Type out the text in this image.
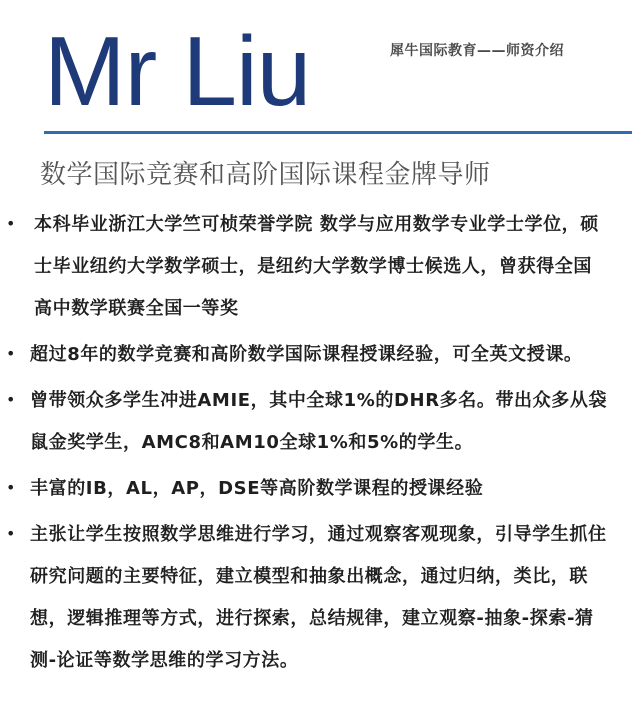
Mr Liu	犀牛国际教育——师资介绍
数学国际竞赛和高阶国际课程金牌导师
• 本科毕业浙江大学竺可桢荣誉学院 数学与应用数学专业学士学位，硕士毕业纽约大学数学硕士，是纽约大学数学博士候选人，曾获得全国高中数学联赛全国一等奖
• 超过8年的数学竞赛和高阶数学国际课程授课经验，可全英文授课。
• 曾带领众多学生冲进AMIE，其中全球1%的DHR多名。带出众多从袋鼠金奖学生，AMC8和AM10全球1%和5%的学生。
• 丰富的IB，AL，AP，DSE等高阶数学课程的授课经验
• 主张让学生按照数学思维进行学习，通过观察客观现象，引导学生抓住研究问题的主要特征，建立模型和抽象出概念，通过归纳，类比，联想，逻辑推理等方式，进行探索，总结规律，建立观察-抽象-探索-猜测-论证等数学思维的学习方法。
